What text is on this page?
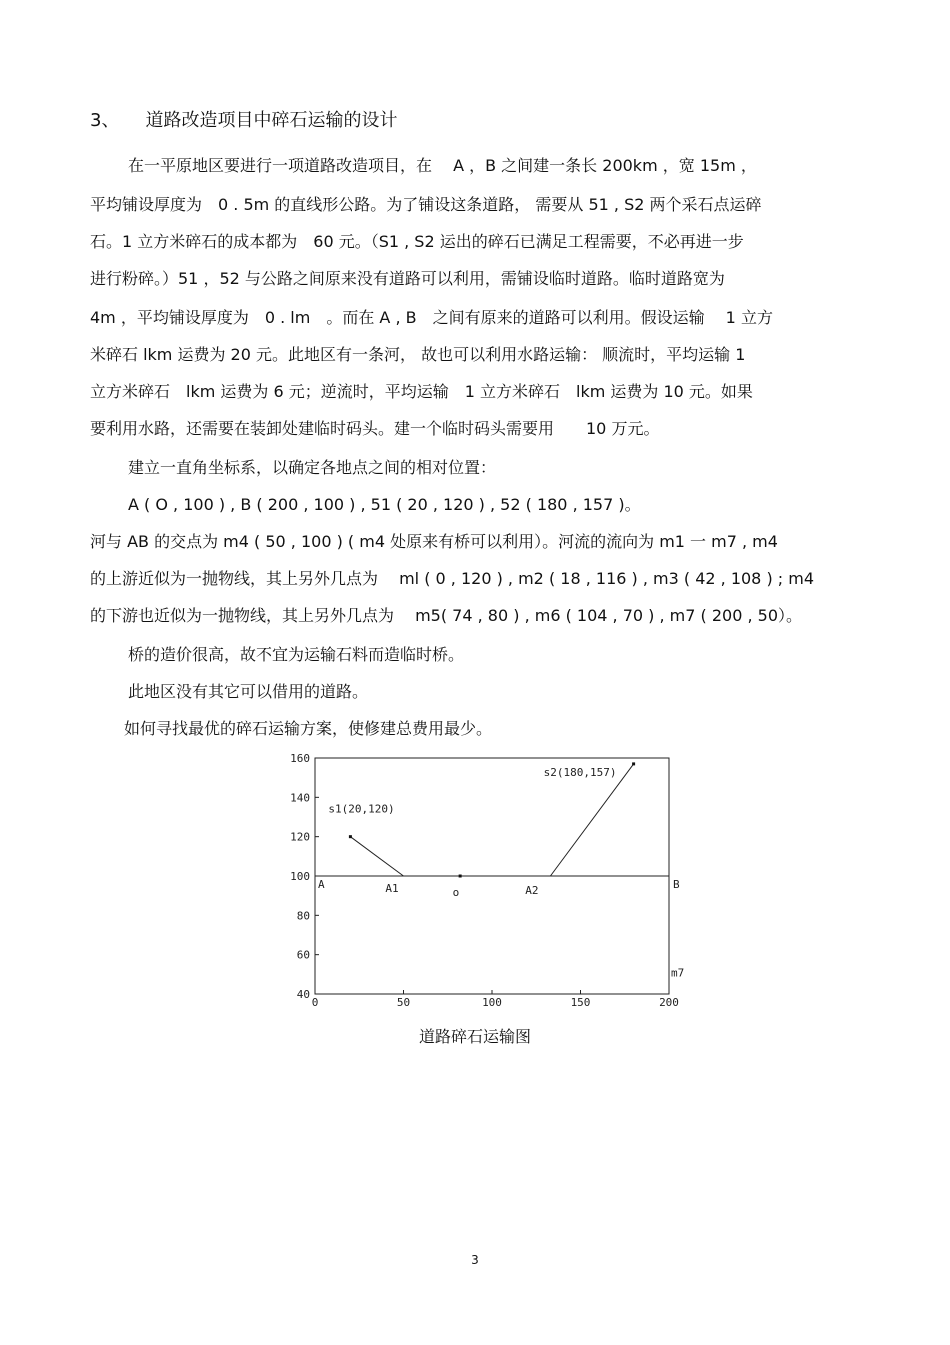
3、 道路改造项目中碎石运输的设计
在一平原地区要进行一项道路改造项目，在　 A ，B 之间建一条长 200km ，宽 15m ，
平均铺设厚度为　0 . 5m 的直线形公路。为了铺设这条道路， 需要从 51 , S2 两个采石点运碎
石。1 立方米碎石的成本都为　60 元。（S1 , S2 运出的碎石已满足工程需要，不必再进一步
进行粉碎。）51 ，52 与公路之间原来没有道路可以利用，需铺设临时道路。临时道路宽为
4m ，平均铺设厚度为　0 . lm　。而在 A , B　之间有原来的道路可以利用。假设运输　 1 立方
米碎石 lkm 运费为 20 元。此地区有一条河， 故也可以利用水路运输： 顺流时，平均运输 1
立方米碎石　lkm 运费为 6 元；逆流时，平均运输　1 立方米碎石　lkm 运费为 10 元。如果
要利用水路，还需要在装卸处建临时码头。建一个临时码头需要用　　10 万元。
建立一直角坐标系，以确定各地点之间的相对位置：
A ( O , 100 ) , B ( 200 , 100 ) , 51 ( 20 , 120 ) , 52 ( 180 , 157 )。
河与 AB 的交点为 m4 ( 50 , 100 ) ( m4 处原来有桥可以利用）。河流的流向为 m1 一 m7 , m4
的上游近似为一抛物线，其上另外几点为　 ml ( 0 , 120 ) , m2 ( 18 , 116 ) , m3 ( 42 , 108 ) ; m4
的下游也近似为一抛物线，其上另外几点为　 m5( 74 , 80 ) , m6 ( 104 , 70 ) , m7 ( 200 , 50）。
桥的造价很高，故不宜为运输石料而造临时桥。
此地区没有其它可以借用的道路。
如何寻找最优的碎石运输方案，使修建总费用最少。
0	50	100	150	200
40
60
80
100
120
140
160
s1(20,120)
s2(180,157)
A	B
A1	o	A2
m7
道路碎石运输图
3
